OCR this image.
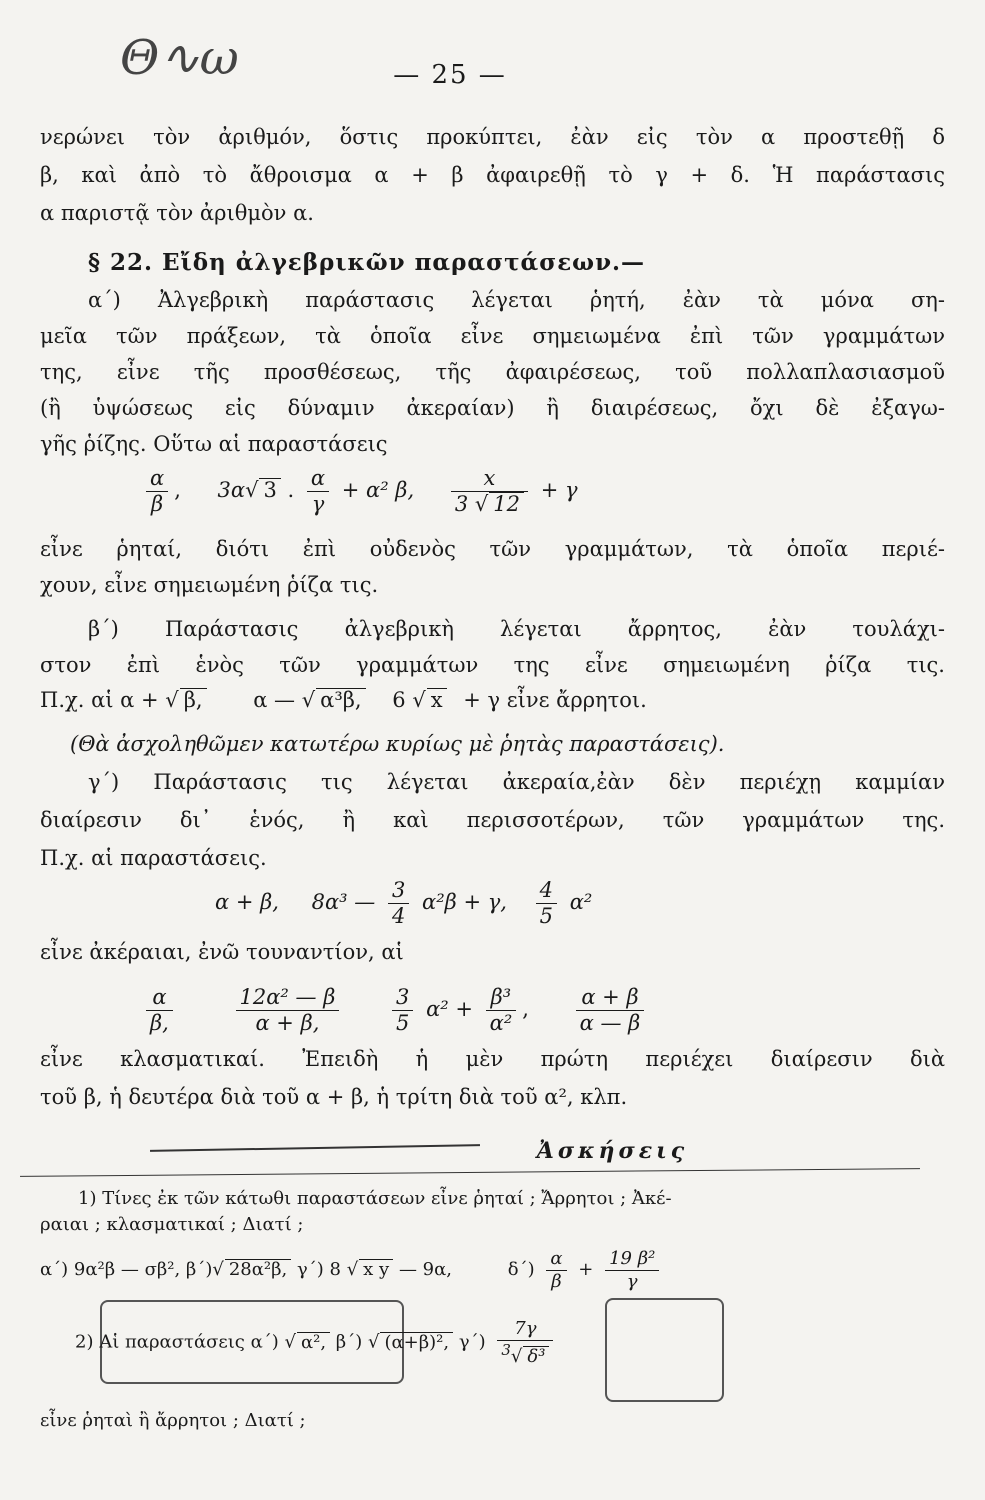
Θ∿ω	— 25 —
νερώνει τὸν ἀριθμόν, ὅστις προκύπτει, ἐὰν εἰς τὸν α προστεθῇ δ
β, καὶ ἀπὸ τὸ ἄθροισμα α + β ἀφαιρεθῇ τὸ γ + δ. Ἡ παράστασις
α παριστᾷ τὸν ἀριθμὸν α.
§ 22. Εἴδη ἀλγεβρικῶν παραστάσεων.—
α΄) Ἀλγεβρικὴ παράστασις λέγεται ῥητή, ἐὰν τὰ μόνα ση-
μεῖα τῶν πράξεων, τὰ ὁποῖα εἶνε σημειωμένα ἐπὶ τῶν γραμμάτων
της, εἶνε τῆς προσθέσεως, τῆς ἀφαιρέσεως, τοῦ πολλαπλασιασμοῦ
(ἢ ὑψώσεως εἰς δύναμιν ἀκεραίαν) ἢ διαιρέσεως, ὄχι δὲ ἐξαγω-
γῆς ῥίζης. Οὕτω αἱ παραστάσεις
$\frac{\alpha}{\beta}$ , 3α√ 3 . $\frac{\alpha}{\gamma} + \alpha^2$ β, $\frac{x}{3 √ 12} + \gamma$
εἶνε ῥηταί, διότι ἐπὶ οὐδενὸς τῶν γραμμάτων, τὰ ὁποῖα περιέ-
χουν, εἶνε σημειωμένη ῥίζα τις.
β΄) Παράστασις ἀλγεβρικὴ λέγεται ἄρρητος, ἐὰν τουλάχι-
στον ἐπὶ ἑνὸς τῶν γραμμάτων της εἶνε σημειωμένη ῥίζα τις.
Π.χ. αἱ α + √ β, α — √ α³β, 6 √ x + γ εἶνε ἄρρητοι.
(Θὰ ἀσχοληθῶμεν κατωτέρω κυρίως μὲ ῥητὰς παραστάσεις).
γ΄) Παράστασις τις λέγεται ἀκεραία,ἐὰν δὲν περιέχῃ καμμίαν
διαίρεσιν δι᾽ ἑνός, ἢ καὶ περισσοτέρων, τῶν γραμμάτων της.
Π.χ. αἱ παραστάσεις.
α + β, 8α³ — $\frac{3}{4} \alpha^2\beta + \gamma$, $\frac{4}{5} \alpha^2$
εἶνε ἀκέραιαι, ἐνῶ τουναντίον, αἱ
$\frac{\alpha}{\beta,}$
	$\frac{\text{12α² — β}}{\alpha + \beta,}$
	$\frac{3}{5} \alpha^2 + \frac{\text{β³}}{\text{α²}}$ , $\frac{\alpha + \beta}{\alpha — \beta}$
εἶνε κλασματικαί. Ἐπειδὴ ἡ μὲν πρώτη περιέχει διαίρεσιν διὰ
τοῦ β, ἡ δευτέρα διὰ τοῦ α + β, ἡ τρίτη διὰ τοῦ α², κλπ.
Ἀσκήσεις
1) Τίνες ἐκ τῶν κάτωθι παραστάσεων εἶνε ῥηταί ; Ἄρρητοι ; Ἀκέ-
ραιαι ; κλασματικαί ; Διατί ;
α΄) 9α²β — σβ², β΄)√ 28α²β, γ΄) 8 √ x y — 9α,	$\delta΄) \frac{\alpha}{\beta} + \frac{\text{19 β²}}{\gamma}$
2) Αἱ παραστάσεις α΄) √ α², β΄) √ (α+β)², $\gamma΄) \frac{7\gamma}{^3√ \delta^3}$
εἶνε ῥηταὶ ἢ ἄρρητοι ; Διατί ;
